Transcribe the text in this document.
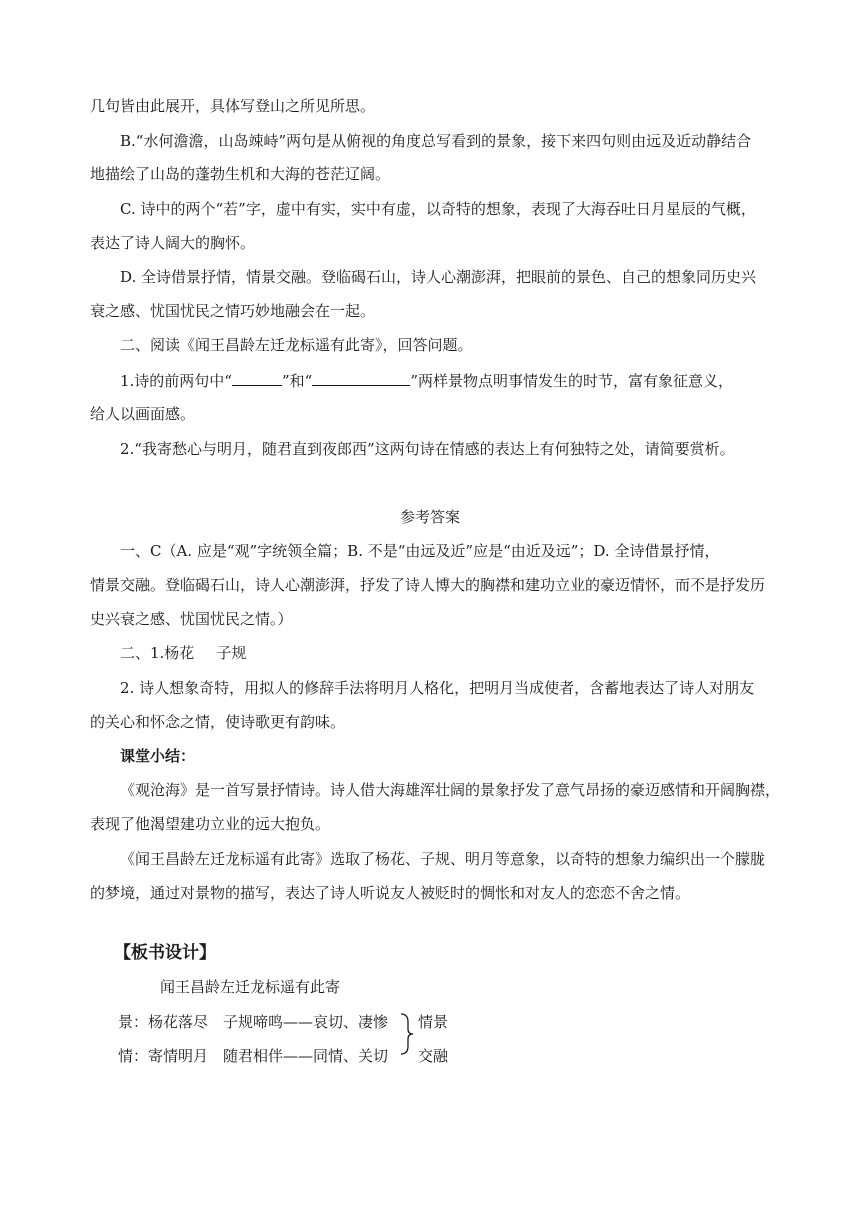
几句皆由此展开，具体写登山之所见所思。
B.“水何澹澹，山岛竦峙”两句是从俯视的角度总写看到的景象，接下来四句则由远及近动静结合
地描绘了山岛的蓬勃生机和大海的苍茫辽阔。
C. 诗中的两个“若”字，虚中有实，实中有虚，以奇特的想象，表现了大海吞吐日月星辰的气概，
表达了诗人阔大的胸怀。
D. 全诗借景抒情，情景交融。登临碣石山，诗人心潮澎湃，把眼前的景色、自己的想象同历史兴
衰之感、忧国忧民之情巧妙地融会在一起。
二、阅读《闻王昌龄左迁龙标遥有此寄》，回答问题。
1.诗的前两句中“	”和“	”两样景物点明事情发生的时节，富有象征意义，
给人以画面感。
2.“我寄愁心与明月，随君直到夜郎西”这两句诗在情感的表达上有何独特之处，请简要赏析。
参考答案
一、C（A. 应是“观”字统领全篇；B. 不是“由远及近”应是“由近及远”；D. 全诗借景抒情，
情景交融。登临碣石山，诗人心潮澎湃，抒发了诗人博大的胸襟和建功立业的豪迈情怀，而不是抒发历
史兴衰之感、忧国忧民之情。）
二、1.杨花 子规
2. 诗人想象奇特，用拟人的修辞手法将明月人格化，把明月当成使者，含蓄地表达了诗人对朋友
的关心和怀念之情，使诗歌更有韵味。
课堂小结：
《观沧海》是一首写景抒情诗。诗人借大海雄浑壮阔的景象抒发了意气昂扬的豪迈感情和开阔胸襟，
表现了他渴望建功立业的远大抱负。
《闻王昌龄左迁龙标遥有此寄》选取了杨花、子规、明月等意象，以奇特的想象力编织出一个朦胧
的梦境，通过对景物的描写，表达了诗人听说友人被贬时的惆怅和对友人的恋恋不舍之情。
【板书设计】
闻王昌龄左迁龙标遥有此寄
景：杨花落尽　子规啼鸣——哀切、凄惨	情景
情：寄情明月　随君相伴——同情、关切	交融
